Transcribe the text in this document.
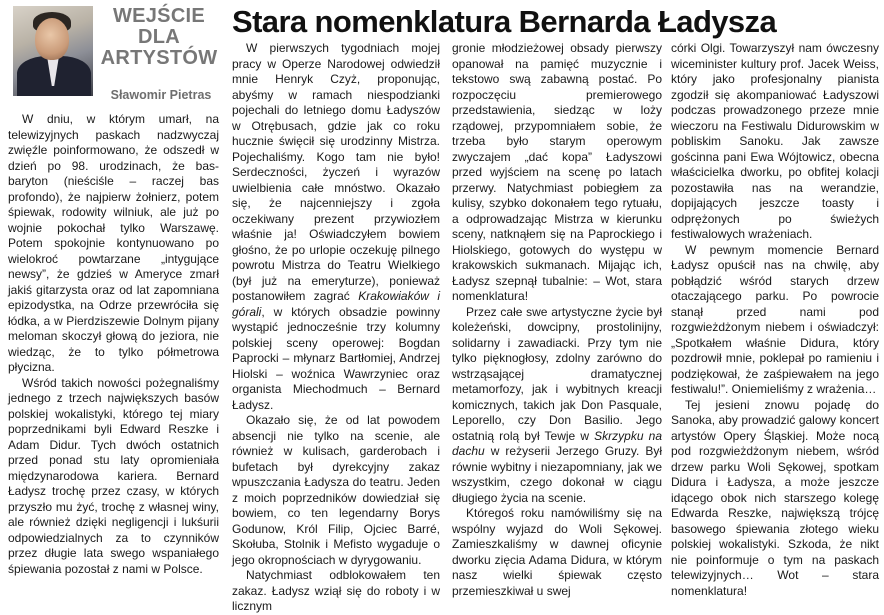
WEJŚCIE
DLA
ARTYSTÓW
Sławomir Pietras
Stara nomenklatura Bernarda Ładysza

W dniu, w którym umarł, na telewizyjnych paskach nadzwyczaj zwięźle poinformowano, że odszedł w dzień po 98. urodzinach, że bas-baryton (nieściśle – raczej bas profondo), że najpierw żołnierz, potem śpiewak, rodowity wilniuk, ale już po wojnie pokochał tylko Warszawę. Potem spokojnie kontynuowano po wielokroć powtarzane „intygujące newsy”, że gdzieś w Ameryce zmarł jakiś gitarzysta oraz od lat zapomniana epizodystka, na Odrze przewróciła się łódka, a w Pierdziszewie Dolnym pijany meloman skoczył głową do jeziora, nie wiedząc, że to tylko półmetrowa płycizna.

Wśród takich nowości pożegnaliśmy jednego z trzech największych basów polskiej wokalistyki, którego tej miary poprzednikami byli Edward Reszke i Adam Didur. Tych dwóch ostatnich przed ponad stu laty opromieniała międzynarodowa kariera. Bernard Ładysz trochę przez czasy, w których przyszło mu żyć, trochę z własnej winy, ale również dzięki negligencji i lukśurii odpowiedzialnych za to czynników przez długie lata swego wspaniałego śpiewania pozostał z nami w Polsce.

W pierwszych tygodniach mojej pracy w Operze Narodowej odwiedził mnie Henryk Czyż, proponując, abyśmy w ramach niespodzianki pojechali do letniego domu Ładyszów w Otrębusach, gdzie jak co roku hucznie święcił się urodzinny Mistrza. Pojechaliśmy. Kogo tam nie było! Serdeczności, życzeń i wyrazów uwielbienia całe mnóstwo. Okazało się, że najcenniejszy i zgoła oczekiwany prezent przywiozłem właśnie ja! Oświadczyłem bowiem głośno, że po urlopie oczekuję pilnego powrotu Mistrza do Teatru Wielkiego (był już na emeryturze), ponieważ postanowiłem zagrać Krakowiaków i górali, w których obsadzie powinny wystąpić jednocześnie trzy kolumny polskiej sceny operowej: Bogdan Paprocki – młynarz Bartłomiej, Andrzej Hiolski – woźnica Wawrzyniec oraz organista Miechodmuch – Bernard Ładysz.

Okazało się, że od lat powodem absencji nie tylko na scenie, ale również w kulisach, garderobach i bufetach był dyrekcyjny zakaz wpuszczania Ładysza do teatru. Jeden z moich poprzedników dowiedział się bowiem, co ten legendarny Borys Godunow, Król Filip, Ojciec Barré, Skołuba, Stolnik i Mefisto wygaduje o jego okropnościach w dyrygowaniu.

Natychmiast odblokowałem ten zakaz. Ładysz wziął się do roboty i w licznym

gronie młodzieżowej obsady pierwszy opanował na pamięć muzycznie i tekstowo swą zabawną postać. Po rozpoczęciu premierowego przedstawienia, siedząc w loży rządowej, przypomniałem sobie, że trzeba było starym operowym zwyczajem „dać kopa” Ładyszowi przed wyjściem na scenę po latach przerwy. Natychmiast pobiegłem za kulisy, szybko dokonałem tego rytuału, a odprowadzając Mistrza w kierunku sceny, natknąłem się na Paprockiego i Hiolskiego, gotowych do występu w krakowskich sukmanach. Mijając ich, Ładysz szepnął tubalnie: – Wot, stara nomenklatura!

Przez całe swe artystyczne życie był koleżeński, dowcipny, prostolinijny, solidarny i zawadiacki. Przy tym nie tylko pięknogłosy, zdolny zarówno do wstrząsającej dramatycznej metamorfozy, jak i wybitnych kreacji komicznych, takich jak Don Pasquale, Leporello, czy Don Basilio. Jego ostatnią rolą był Tewje w Skrzypku na dachu w reżyserii Jerzego Gruzy. Był równie wybitny i niezapomniany, jak we wszystkim, czego dokonał w ciągu długiego życia na scenie.

Któregoś roku namówiliśmy się na wspólny wyjazd do Woli Sękowej. Zamieszkaliśmy w dawnej oficynie dworku zięcia Adama Didura, w którym nasz wielki śpiewak często przemieszkiwał u swej

córki Olgi. Towarzyszył nam ówczesny wiceminister kultury prof. Jacek Weiss, który jako profesjonalny pianista zgodził się akompaniować Ładyszowi podczas prowadzonego przeze mnie wieczoru na Festiwalu Didurowskim w pobliskim Sanoku. Jak zawsze gościnna pani Ewa Wójtowicz, obecna właścicielka dworku, po obfitej kolacji pozostawiła nas na werandzie, dopijających jeszcze toasty i odprężonych po świeżych festiwalowych wrażeniach.

W pewnym momencie Bernard Ładysz opuścił nas na chwilę, aby pobłądzić wśród starych drzew otaczającego parku. Po powrocie stanął przed nami pod rozgwieżdżonym niebem i oświadczył: „Spotkałem właśnie Didura, który pozdrowił mnie, poklepał po ramieniu i podziękował, że zaśpiewałem na jego festiwalu!”. Oniemieliśmy z wrażenia…

Tej jesieni znowu pojadę do Sanoka, aby prowadzić galowy koncert artystów Opery Śląskiej. Może nocą pod rozgwieżdżonym niebem, wśród drzew parku Woli Sękowej, spotkam Didura i Ładysza, a może jeszcze idącego obok nich starszego kolegę Edwarda Reszke, największą trójcę basowego śpiewania złotego wieku polskiej wokalistyki. Szkoda, że nikt nie poinformuje o tym na paskach telewizyjnych… Wot – stara nomenklatura!
